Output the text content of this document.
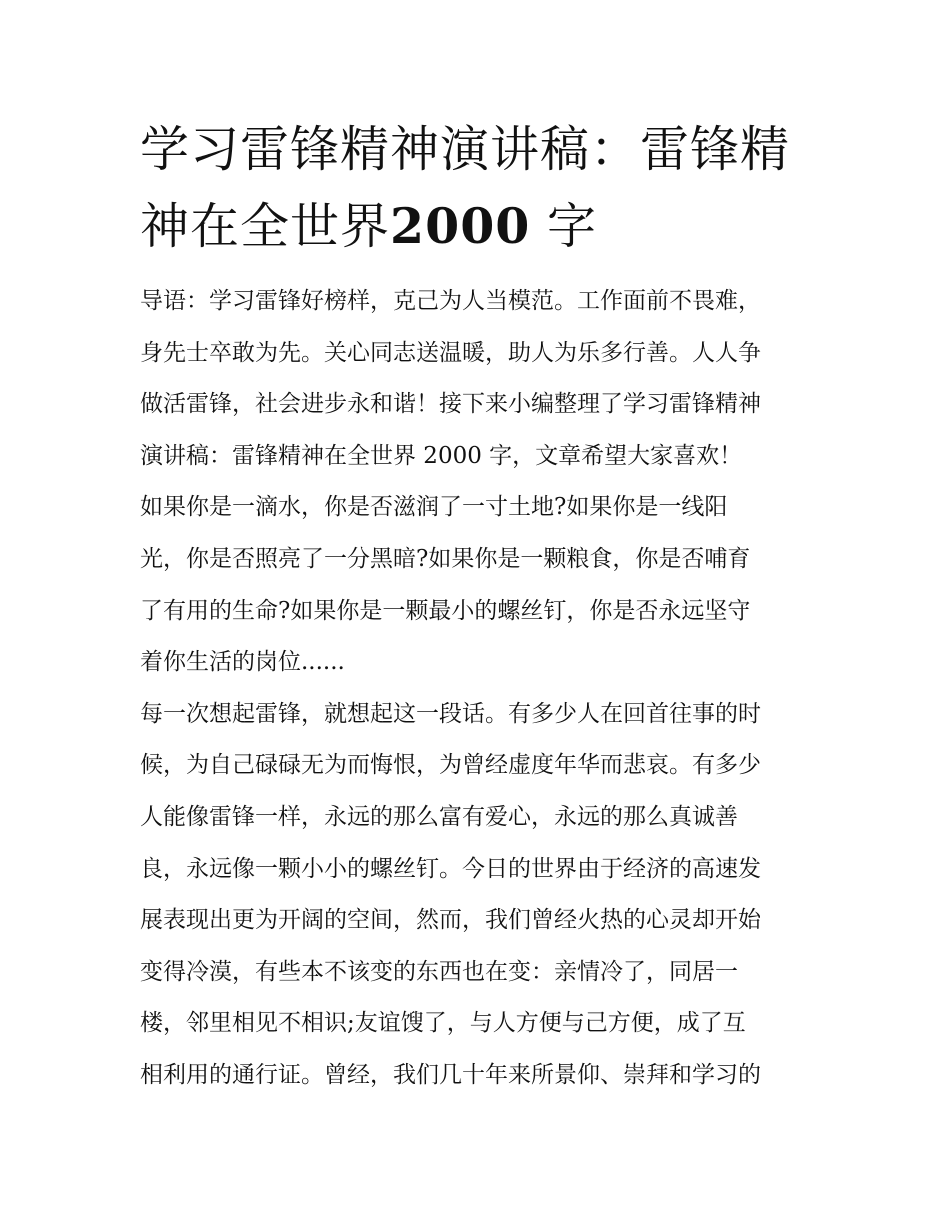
学习雷锋精神演讲稿：雷锋精
神在全世界2000 字

导语：学习雷锋好榜样，克己为人当模范。工作面前不畏难，
身先士卒敢为先。关心同志送温暖，助人为乐多行善。人人争
做活雷锋，社会进步永和谐！接下来小编整理了学习雷锋精神
演讲稿：雷锋精神在全世界 2000 字，文章希望大家喜欢！

如果你是一滴水，你是否滋润了一寸土地?如果你是一线阳
光，你是否照亮了一分黑暗?如果你是一颗粮食，你是否哺育
了有用的生命?如果你是一颗最小的螺丝钉，你是否永远坚守
着你生活的岗位......

每一次想起雷锋，就想起这一段话。有多少人在回首往事的时
候，为自己碌碌无为而悔恨，为曾经虚度年华而悲哀。有多少
人能像雷锋一样，永远的那么富有爱心，永远的那么真诚善
良，永远像一颗小小的螺丝钉。今日的世界由于经济的高速发
展表现出更为开阔的空间，然而，我们曾经火热的心灵却开始
变得冷漠，有些本不该变的东西也在变：亲情冷了，同居一
楼，邻里相见不相识;友谊馊了，与人方便与己方便，成了互
相利用的通行证。曾经，我们几十年来所景仰、崇拜和学习的
